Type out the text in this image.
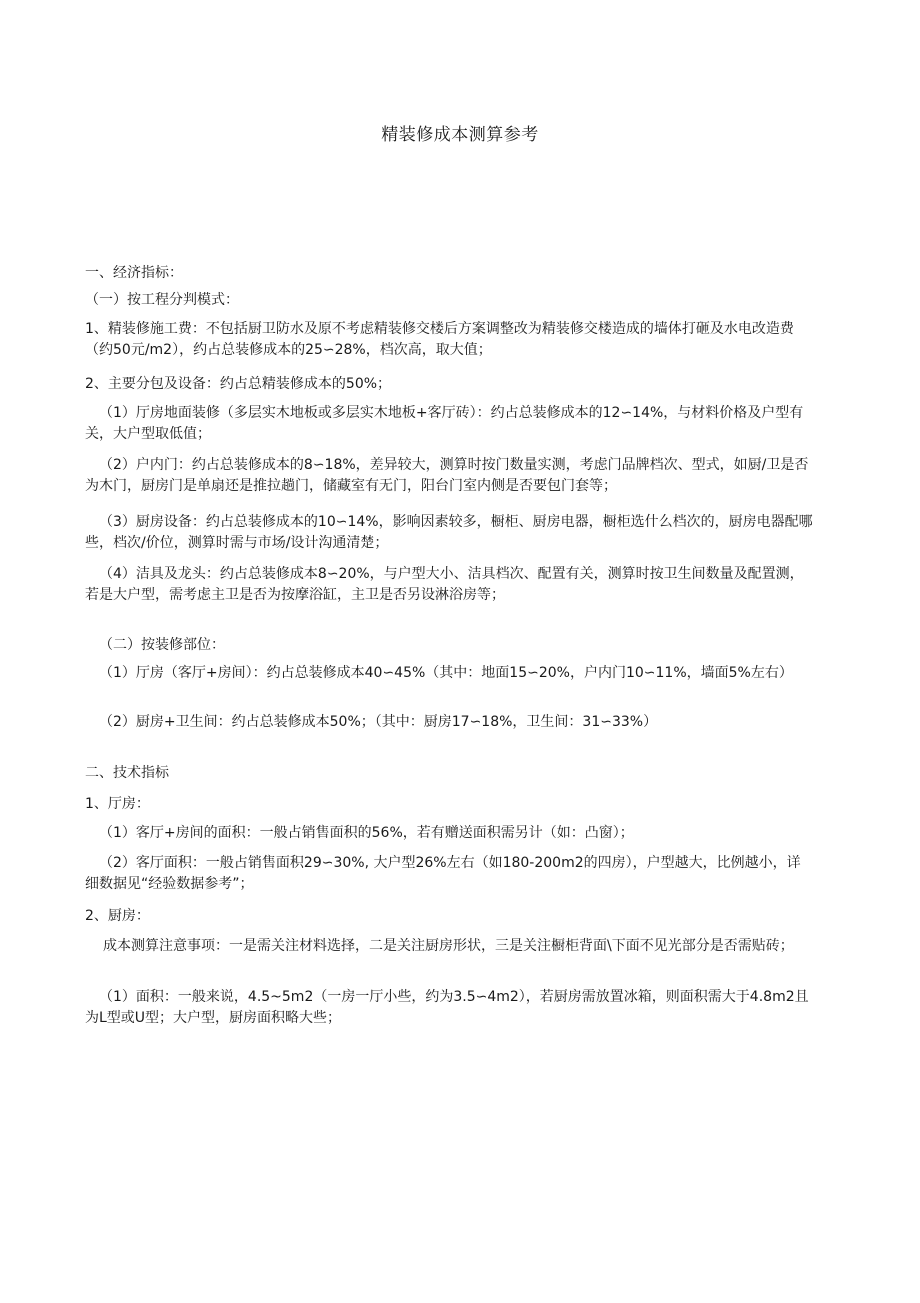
精装修成本测算参考
一、经济指标：
（一）按工程分判模式：
1、精装修施工费：不包括厨卫防水及原不考虑精装修交楼后方案调整改为精装修交楼造成的墙体打砸及水电改造费（约50元/m2），约占总装修成本的25∽28%，档次高，取大值；
2、主要分包及设备：约占总精装修成本的50%；
（1）厅房地面装修（多层实木地板或多层实木地板+客厅砖）：约占总装修成本的12∽14%，与材料价格及户型有关，大户型取低值；
（2）户内门：约占总装修成本的8∽18%，差异较大，测算时按门数量实测，考虑门品牌档次、型式，如厨/卫是否为木门，厨房门是单扇还是推拉趟门，储藏室有无门，阳台门室内侧是否要包门套等；
（3）厨房设备：约占总装修成本的10∽14%，影响因素较多，橱柜、厨房电器，橱柜选什么档次的，厨房电器配哪些，档次/价位，测算时需与市场/设计沟通清楚；
（4）洁具及龙头：约占总装修成本8∽20%，与户型大小、洁具档次、配置有关，测算时按卫生间数量及配置测，若是大户型，需考虑主卫是否为按摩浴缸，主卫是否另设淋浴房等；
（二）按装修部位：
（1）厅房（客厅+房间）：约占总装修成本40∽45%（其中：地面15∽20%，户内门10∽11%，墙面5%左右）
（2）厨房+卫生间：约占总装修成本50%；（其中：厨房17∽18%，卫生间：31∽33%）
二、技术指标
1、厅房：
（1）客厅+房间的面积：一般占销售面积的56%，若有赠送面积需另计（如：凸窗）；
（2）客厅面积：一般占销售面积29∽30%, 大户型26%左右（如180-200m2的四房），户型越大，比例越小，详细数据见“经验数据参考”；
2、厨房：
成本测算注意事项：一是需关注材料选择，二是关注厨房形状，三是关注橱柜背面\下面不见光部分是否需贴砖；
（1）面积：一般来说，4.5~5m2（一房一厅小些，约为3.5∽4m2），若厨房需放置冰箱，则面积需大于4.8m2且为L型或U型；大户型，厨房面积略大些；
